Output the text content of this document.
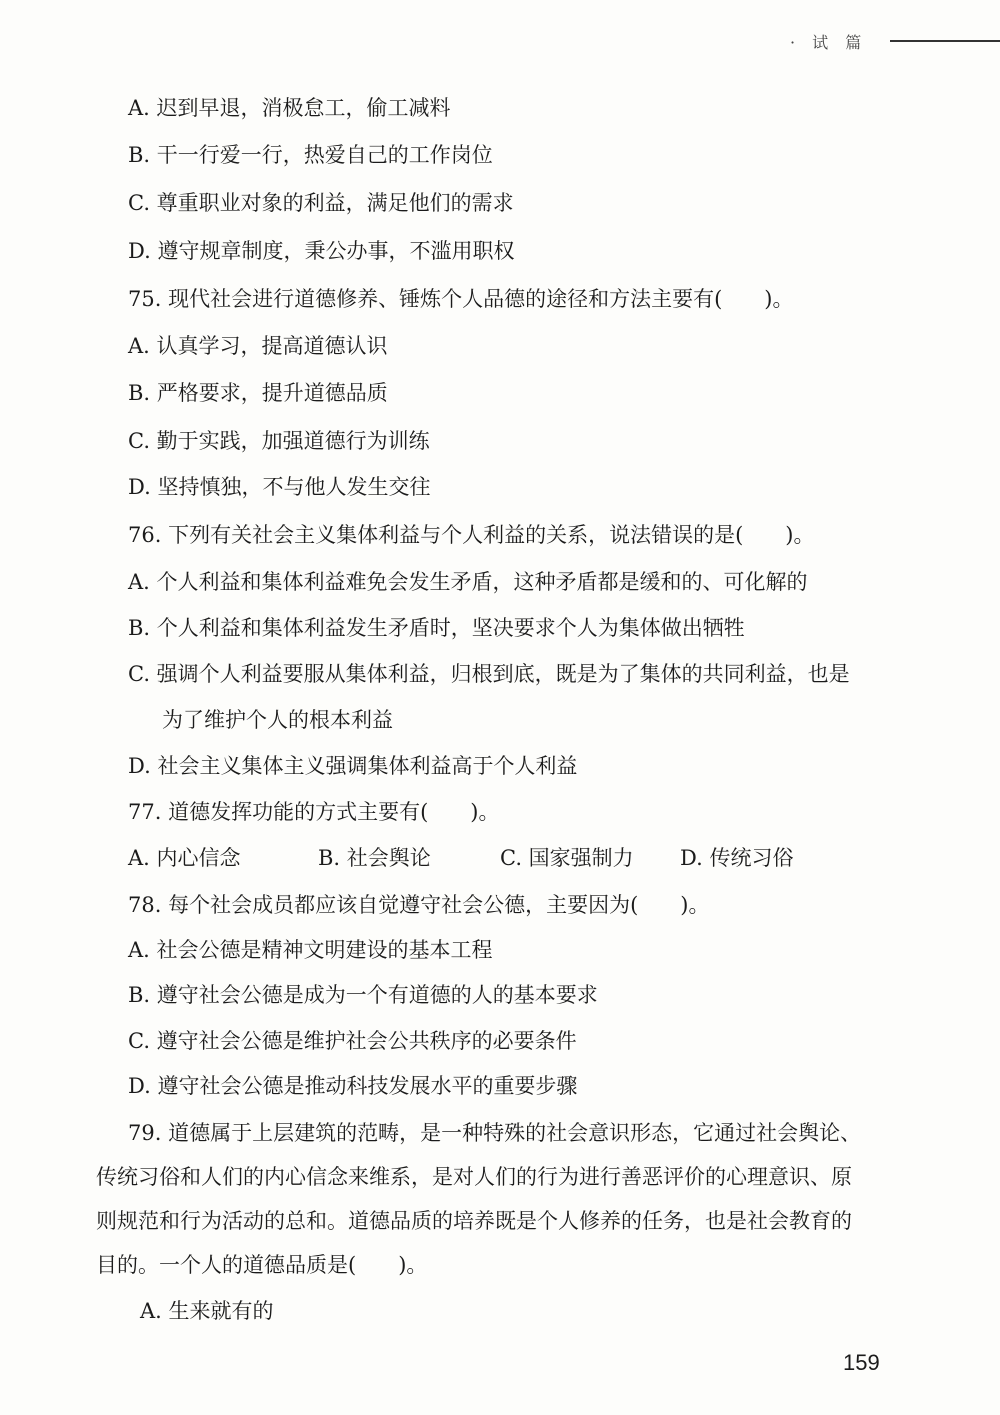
· 试 篇
A. 迟到早退，消极怠工，偷工减料
B. 干一行爱一行，热爱自己的工作岗位
C. 尊重职业对象的利益，满足他们的需求
D. 遵守规章制度，秉公办事，不滥用职权
75. 现代社会进行道德修养、锤炼个人品德的途径和方法主要有(　　)。
A. 认真学习，提高道德认识
B. 严格要求，提升道德品质
C. 勤于实践，加强道德行为训练
D. 坚持慎独，不与他人发生交往
76. 下列有关社会主义集体利益与个人利益的关系，说法错误的是(　　)。
A. 个人利益和集体利益难免会发生矛盾，这种矛盾都是缓和的、可化解的
B. 个人利益和集体利益发生矛盾时，坚决要求个人为集体做出牺牲
C. 强调个人利益要服从集体利益，归根到底，既是为了集体的共同利益，也是
为了维护个人的根本利益
D. 社会主义集体主义强调集体利益高于个人利益
77. 道德发挥功能的方式主要有(　　)。
A. 内心信念	B. 社会舆论	C. 国家强制力 D. 传统习俗
78. 每个社会成员都应该自觉遵守社会公德，主要因为(　　)。
A. 社会公德是精神文明建设的基本工程
B. 遵守社会公德是成为一个有道德的人的基本要求
C. 遵守社会公德是维护社会公共秩序的必要条件
D. 遵守社会公德是推动科技发展水平的重要步骤
79. 道德属于上层建筑的范畴，是一种特殊的社会意识形态，它通过社会舆论、
传统习俗和人们的内心信念来维系，是对人们的行为进行善恶评价的心理意识、原
则规范和行为活动的总和。道德品质的培养既是个人修养的任务，也是社会教育的
目的。一个人的道德品质是(　　)。
A. 生来就有的
159
